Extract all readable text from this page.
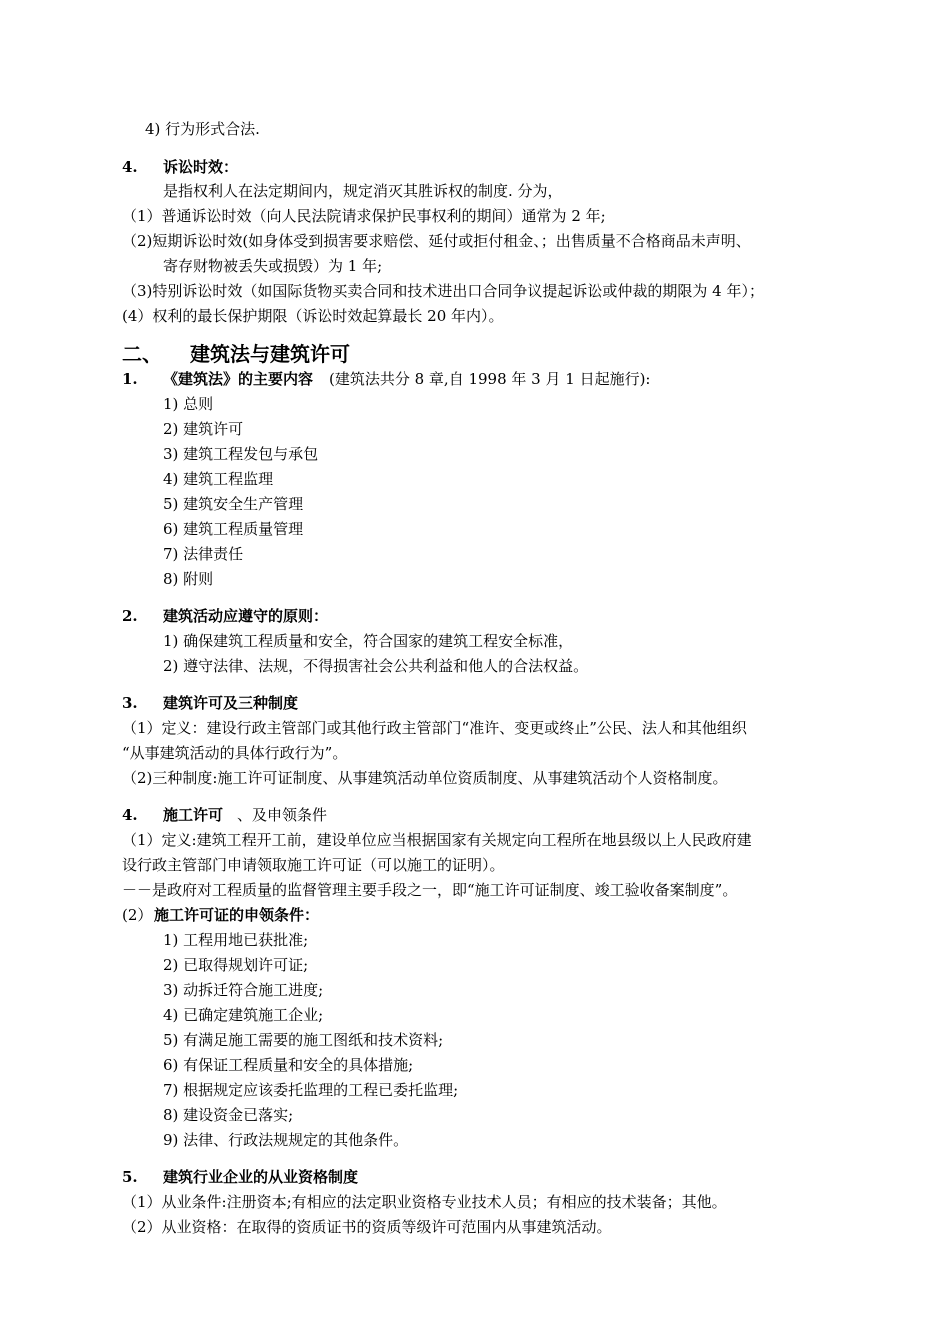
4) 行为形式合法.
4. 诉讼时效：
是指权利人在法定期间内，规定消灭其胜诉权的制度. 分为，
（1）普通诉讼时效（向人民法院请求保护民事权利的期间）通常为 2 年;
（2)短期诉讼时效(如身体受到损害要求赔偿、延付或拒付租金、；出售质量不合格商品未声明、
寄存财物被丢失或损毁）为 1 年;
（3)特别诉讼时效（如国际货物买卖合同和技术进出口合同争议提起诉讼或仲裁的期限为 4 年）；
(4）权利的最长保护期限（诉讼时效起算最长 20 年内）。
二、 建筑法与建筑许可
1. 《建筑法》的主要内容 (建筑法共分 8 章,自 1998 年 3 月 1 日起施行):
1) 总则
2) 建筑许可
3) 建筑工程发包与承包
4) 建筑工程监理
5) 建筑安全生产管理
6) 建筑工程质量管理
7) 法律责任
8) 附则
2. 建筑活动应遵守的原则：
1) 确保建筑工程质量和安全，符合国家的建筑工程安全标准，
2) 遵守法律、法规，不得损害社会公共利益和他人的合法权益。
3. 建筑许可及三种制度
（1）定义：建设行政主管部门或其他行政主管部门“准许、变更或终止”公民、法人和其他组织
“从事建筑活动的具体行政行为”。
（2)三种制度:施工许可证制度、从事建筑活动单位资质制度、从事建筑活动个人资格制度。
4. 施工许可 、及申领条件
（1）定义:建筑工程开工前，建设单位应当根据国家有关规定向工程所在地县级以上人民政府建
设行政主管部门申请领取施工许可证（可以施工的证明）。
－－是政府对工程质量的监督管理主要手段之一，即“施工许可证制度、竣工验收备案制度”。
(2） 施工许可证的申领条件：
1) 工程用地已获批准;
2) 已取得规划许可证;
3) 动拆迁符合施工进度;
4) 已确定建筑施工企业;
5) 有满足施工需要的施工图纸和技术资料;
6) 有保证工程质量和安全的具体措施;
7) 根据规定应该委托监理的工程已委托监理;
8) 建设资金已落实;
9) 法律、行政法规规定的其他条件。
5. 建筑行业企业的从业资格制度
（1）从业条件:注册资本;有相应的法定职业资格专业技术人员；有相应的技术装备；其他。
（2）从业资格：在取得的资质证书的资质等级许可范围内从事建筑活动。
